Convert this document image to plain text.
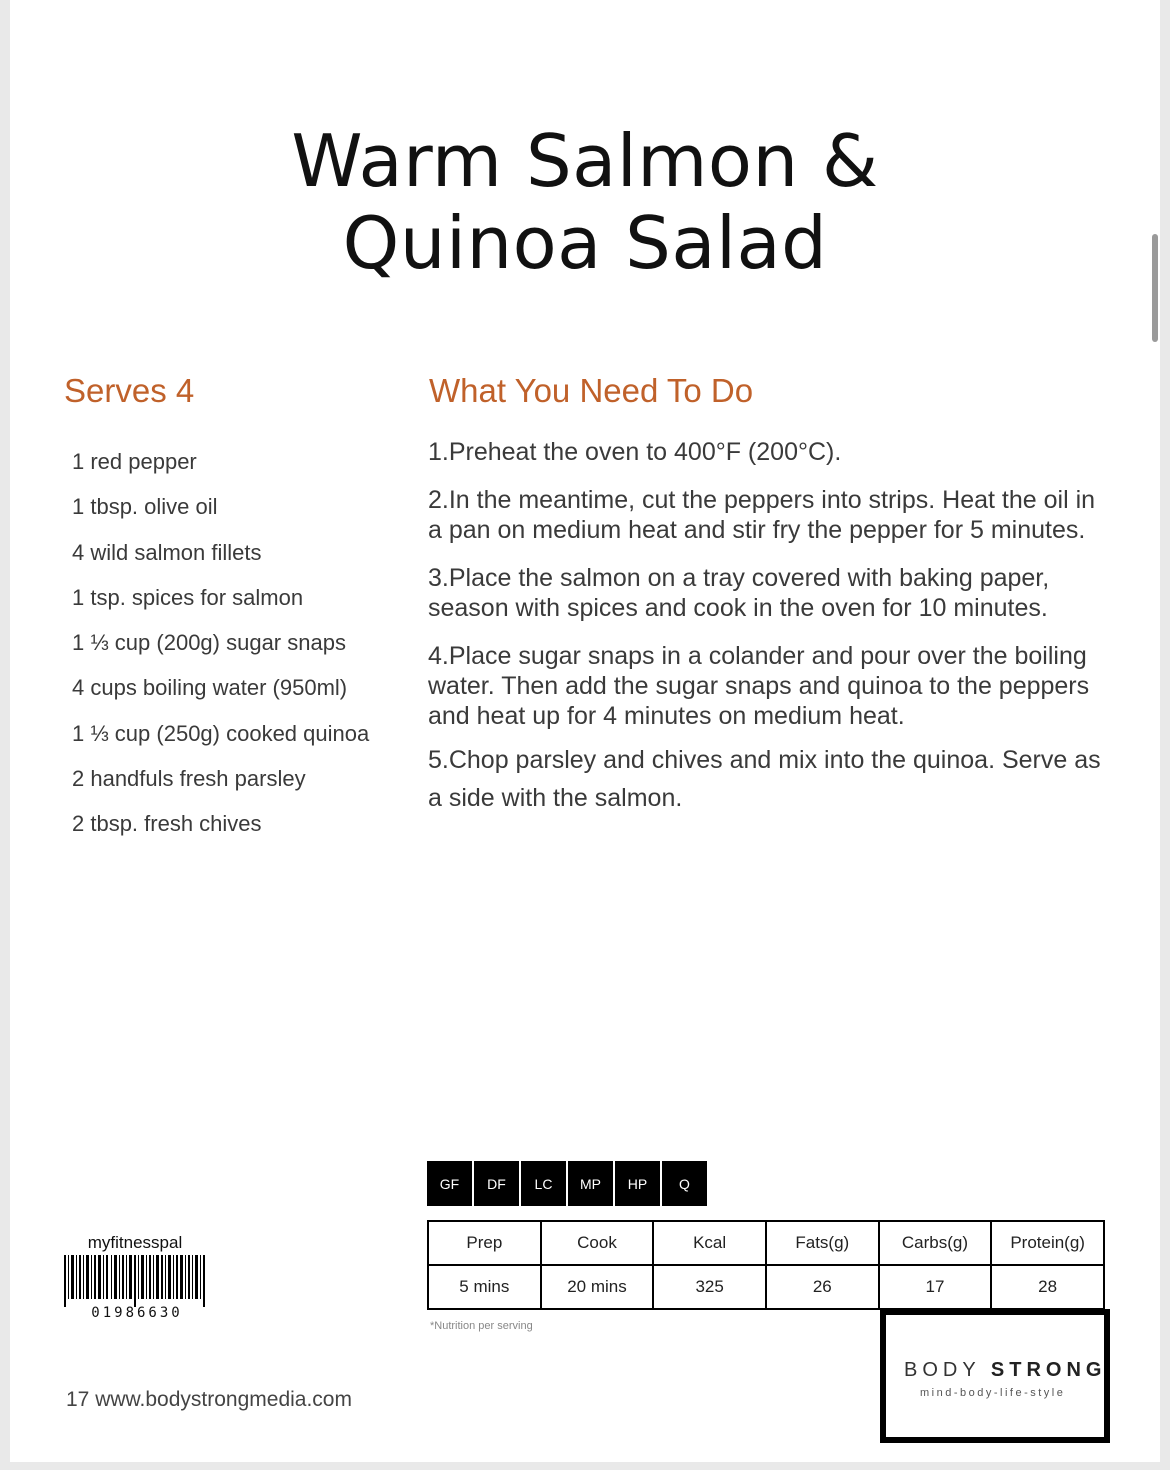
Warm Salmon &
Quinoa Salad
Serves 4	What You Need To Do
1 red pepper
1 tbsp. olive oil
4 wild salmon fillets
1 tsp. spices for salmon
1 ⅓ cup (200g) sugar snaps
4 cups boiling water (950ml)
1 ⅓ cup (250g) cooked quinoa
2 handfuls fresh parsley
2 tbsp. fresh chives
1.Preheat the oven to 400°F (200°C).
2.In the meantime, cut the peppers into strips. Heat the oil in a pan on medium heat and stir fry the pepper for 5 minutes.
3.Place the salmon on a tray covered with baking paper, season with spices and cook in the oven for 10 minutes.
4.Place sugar snaps in a colander and pour over the boiling water. Then add the sugar snaps and quinoa to the peppers and heat up for 4 minutes on medium heat.
5.Chop parsley and chives and mix into the quinoa. Serve as a side with the salmon.
GF	DF	LC	MP	HP	Q
Prep	Cook	Kcal	Fats(g)	Carbs(g)	Protein(g)
5 mins	20 mins	325	26	17	28
*Nutrition per serving
myfitnesspal
01986630
17 www.bodystrongmedia.com
BODY STRONG
mind-body-life-style
